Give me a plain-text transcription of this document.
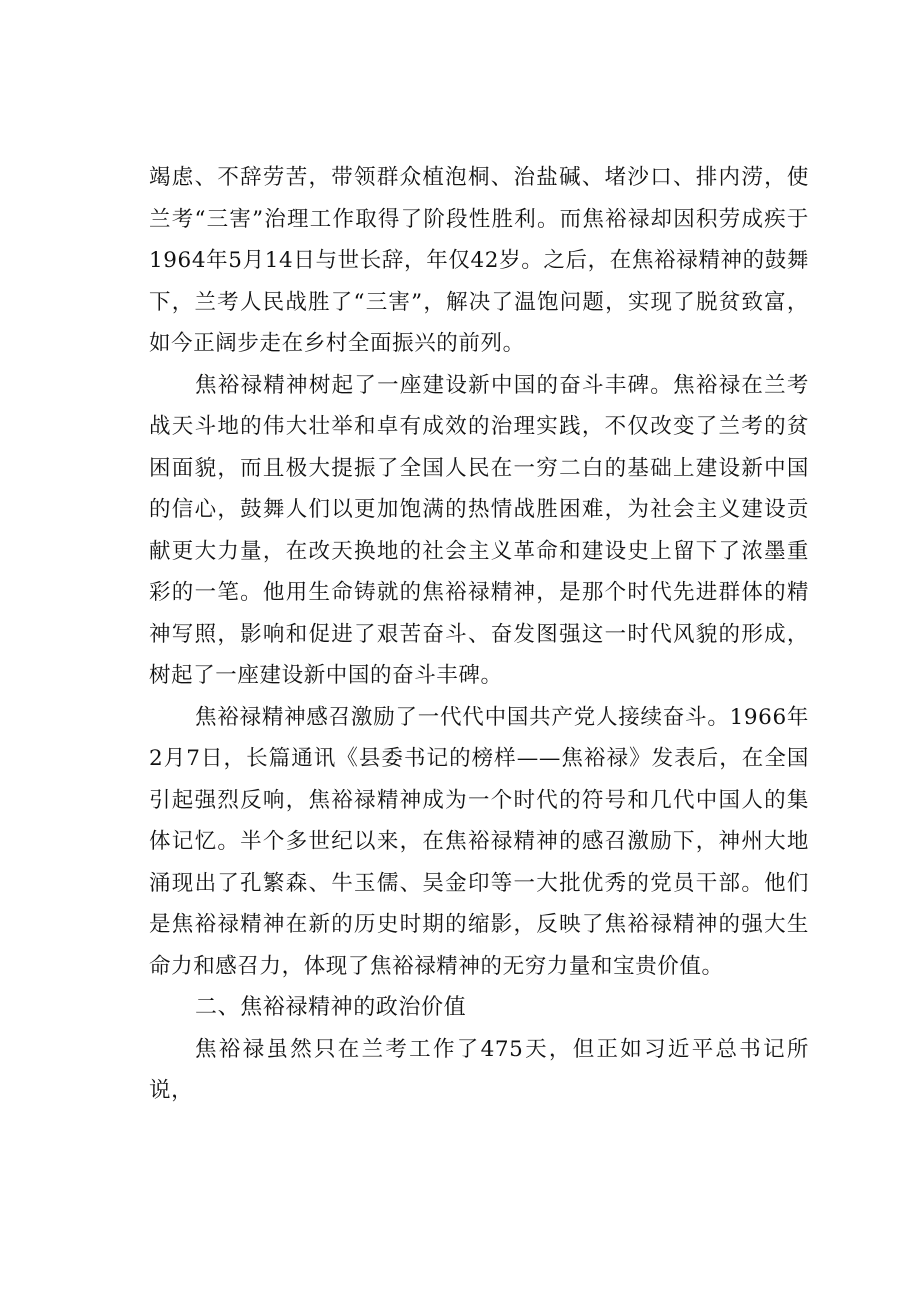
竭虑、不辞劳苦，带领群众植泡桐、治盐碱、堵沙口、排内涝，使兰考“三害”治理工作取得了阶段性胜利。而焦裕禄却因积劳成疾于1964年5月14日与世长辞，年仅42岁。之后，在焦裕禄精神的鼓舞下，兰考人民战胜了“三害”，解决了温饱问题，实现了脱贫致富，如今正阔步走在乡村全面振兴的前列。

焦裕禄精神树起了一座建设新中国的奋斗丰碑。焦裕禄在兰考战天斗地的伟大壮举和卓有成效的治理实践，不仅改变了兰考的贫困面貌，而且极大提振了全国人民在一穷二白的基础上建设新中国的信心，鼓舞人们以更加饱满的热情战胜困难，为社会主义建设贡献更大力量，在改天换地的社会主义革命和建设史上留下了浓墨重彩的一笔。他用生命铸就的焦裕禄精神，是那个时代先进群体的精神写照，影响和促进了艰苦奋斗、奋发图强这一时代风貌的形成，树起了一座建设新中国的奋斗丰碑。

焦裕禄精神感召激励了一代代中国共产党人接续奋斗。1966年2月7日，长篇通讯《县委书记的榜样——焦裕禄》发表后，在全国引起强烈反响，焦裕禄精神成为一个时代的符号和几代中国人的集体记忆。半个多世纪以来，在焦裕禄精神的感召激励下，神州大地涌现出了孔繁森、牛玉儒、吴金印等一大批优秀的党员干部。他们是焦裕禄精神在新的历史时期的缩影，反映了焦裕禄精神的强大生命力和感召力，体现了焦裕禄精神的无穷力量和宝贵价值。

二、焦裕禄精神的政治价值

焦裕禄虽然只在兰考工作了475天，但正如习近平总书记所说，
